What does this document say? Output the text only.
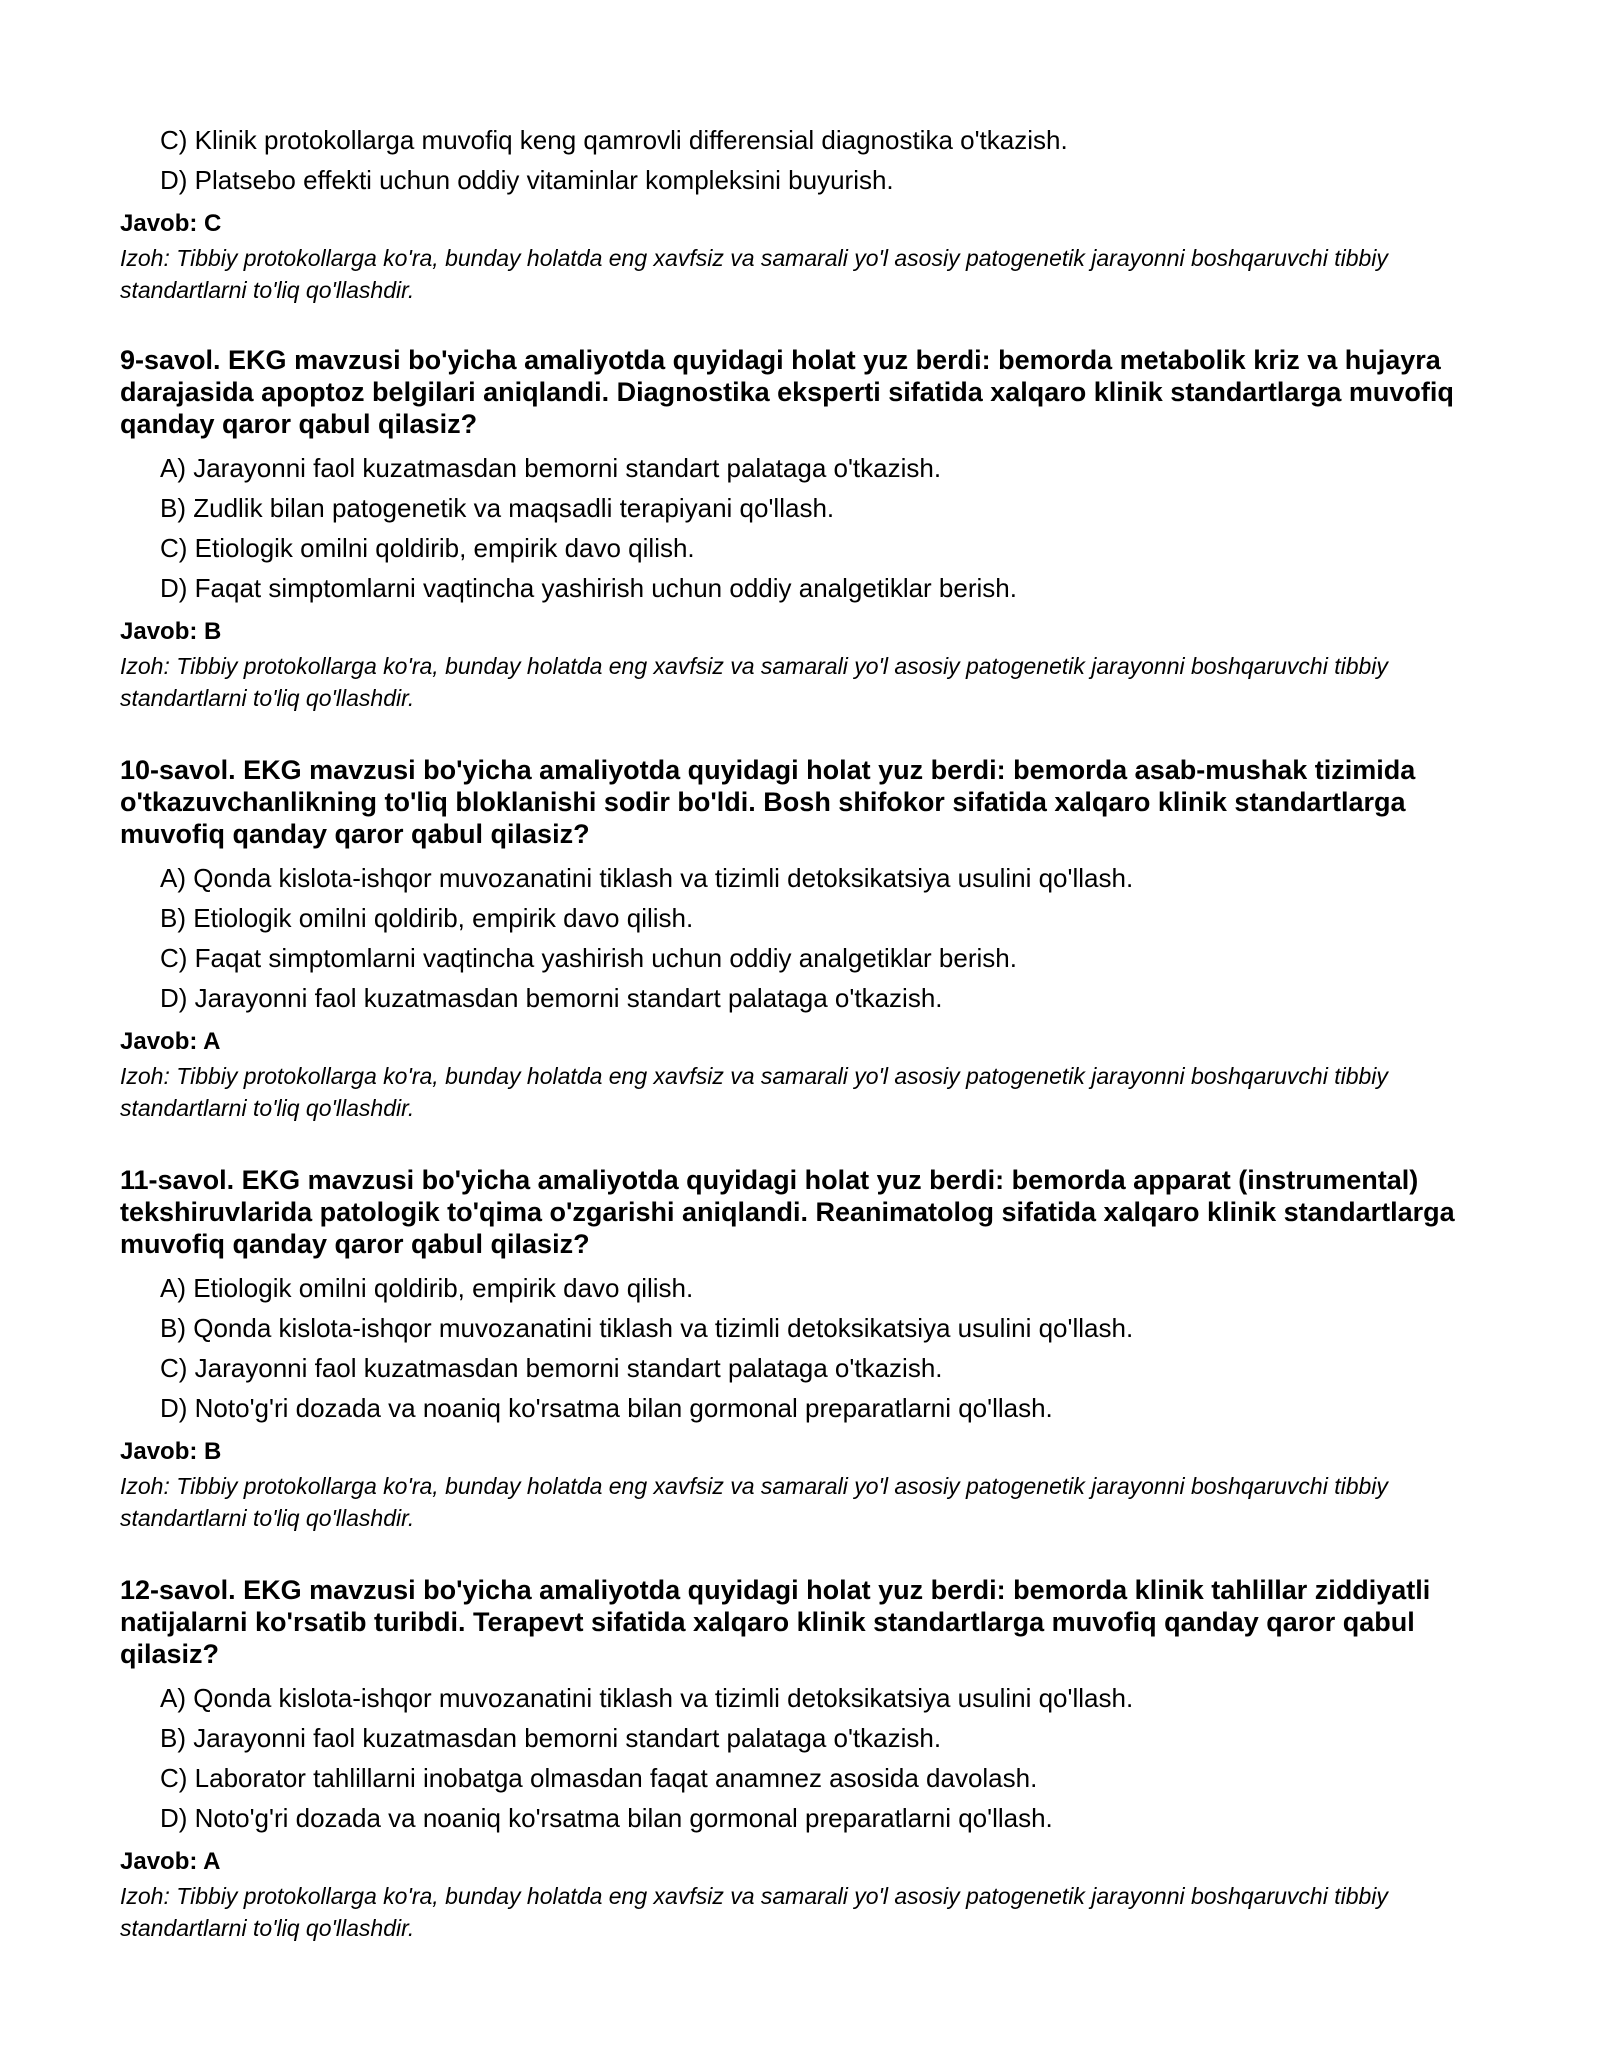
C) Klinik protokollarga muvofiq keng qamrovli differensial diagnostika o'tkazish.
D) Platsebo effekti uchun oddiy vitaminlar kompleksini buyurish.
Javob: C
Izoh: Tibbiy protokollarga ko'ra, bunday holatda eng xavfsiz va samarali yo'l asosiy patogenetik jarayonni boshqaruvchi tibbiy standartlarni to'liq qo'llashdir.
9-savol. EKG mavzusi bo'yicha amaliyotda quyidagi holat yuz berdi: bemorda metabolik kriz va hujayra darajasida apoptoz belgilari aniqlandi. Diagnostika eksperti sifatida xalqaro klinik standartlarga muvofiq qanday qaror qabul qilasiz?
A) Jarayonni faol kuzatmasdan bemorni standart palataga o'tkazish.
B) Zudlik bilan patogenetik va maqsadli terapiyani qo'llash.
C) Etiologik omilni qoldirib, empirik davo qilish.
D) Faqat simptomlarni vaqtincha yashirish uchun oddiy analgetiklar berish.
Javob: B
Izoh: Tibbiy protokollarga ko'ra, bunday holatda eng xavfsiz va samarali yo'l asosiy patogenetik jarayonni boshqaruvchi tibbiy standartlarni to'liq qo'llashdir.
10-savol. EKG mavzusi bo'yicha amaliyotda quyidagi holat yuz berdi: bemorda asab-mushak tizimida o'tkazuvchanlikning to'liq bloklanishi sodir bo'ldi. Bosh shifokor sifatida xalqaro klinik standartlarga muvofiq qanday qaror qabul qilasiz?
A) Qonda kislota-ishqor muvozanatini tiklash va tizimli detoksikatsiya usulini qo'llash.
B) Etiologik omilni qoldirib, empirik davo qilish.
C) Faqat simptomlarni vaqtincha yashirish uchun oddiy analgetiklar berish.
D) Jarayonni faol kuzatmasdan bemorni standart palataga o'tkazish.
Javob: A
Izoh: Tibbiy protokollarga ko'ra, bunday holatda eng xavfsiz va samarali yo'l asosiy patogenetik jarayonni boshqaruvchi tibbiy standartlarni to'liq qo'llashdir.
11-savol. EKG mavzusi bo'yicha amaliyotda quyidagi holat yuz berdi: bemorda apparat (instrumental) tekshiruvlarida patologik to'qima o'zgarishi aniqlandi. Reanimatolog sifatida xalqaro klinik standartlarga muvofiq qanday qaror qabul qilasiz?
A) Etiologik omilni qoldirib, empirik davo qilish.
B) Qonda kislota-ishqor muvozanatini tiklash va tizimli detoksikatsiya usulini qo'llash.
C) Jarayonni faol kuzatmasdan bemorni standart palataga o'tkazish.
D) Noto'g'ri dozada va noaniq ko'rsatma bilan gormonal preparatlarni qo'llash.
Javob: B
Izoh: Tibbiy protokollarga ko'ra, bunday holatda eng xavfsiz va samarali yo'l asosiy patogenetik jarayonni boshqaruvchi tibbiy standartlarni to'liq qo'llashdir.
12-savol. EKG mavzusi bo'yicha amaliyotda quyidagi holat yuz berdi: bemorda klinik tahlillar ziddiyatli natijalarni ko'rsatib turibdi. Terapevt sifatida xalqaro klinik standartlarga muvofiq qanday qaror qabul qilasiz?
A) Qonda kislota-ishqor muvozanatini tiklash va tizimli detoksikatsiya usulini qo'llash.
B) Jarayonni faol kuzatmasdan bemorni standart palataga o'tkazish.
C) Laborator tahlillarni inobatga olmasdan faqat anamnez asosida davolash.
D) Noto'g'ri dozada va noaniq ko'rsatma bilan gormonal preparatlarni qo'llash.
Javob: A
Izoh: Tibbiy protokollarga ko'ra, bunday holatda eng xavfsiz va samarali yo'l asosiy patogenetik jarayonni boshqaruvchi tibbiy standartlarni to'liq qo'llashdir.
